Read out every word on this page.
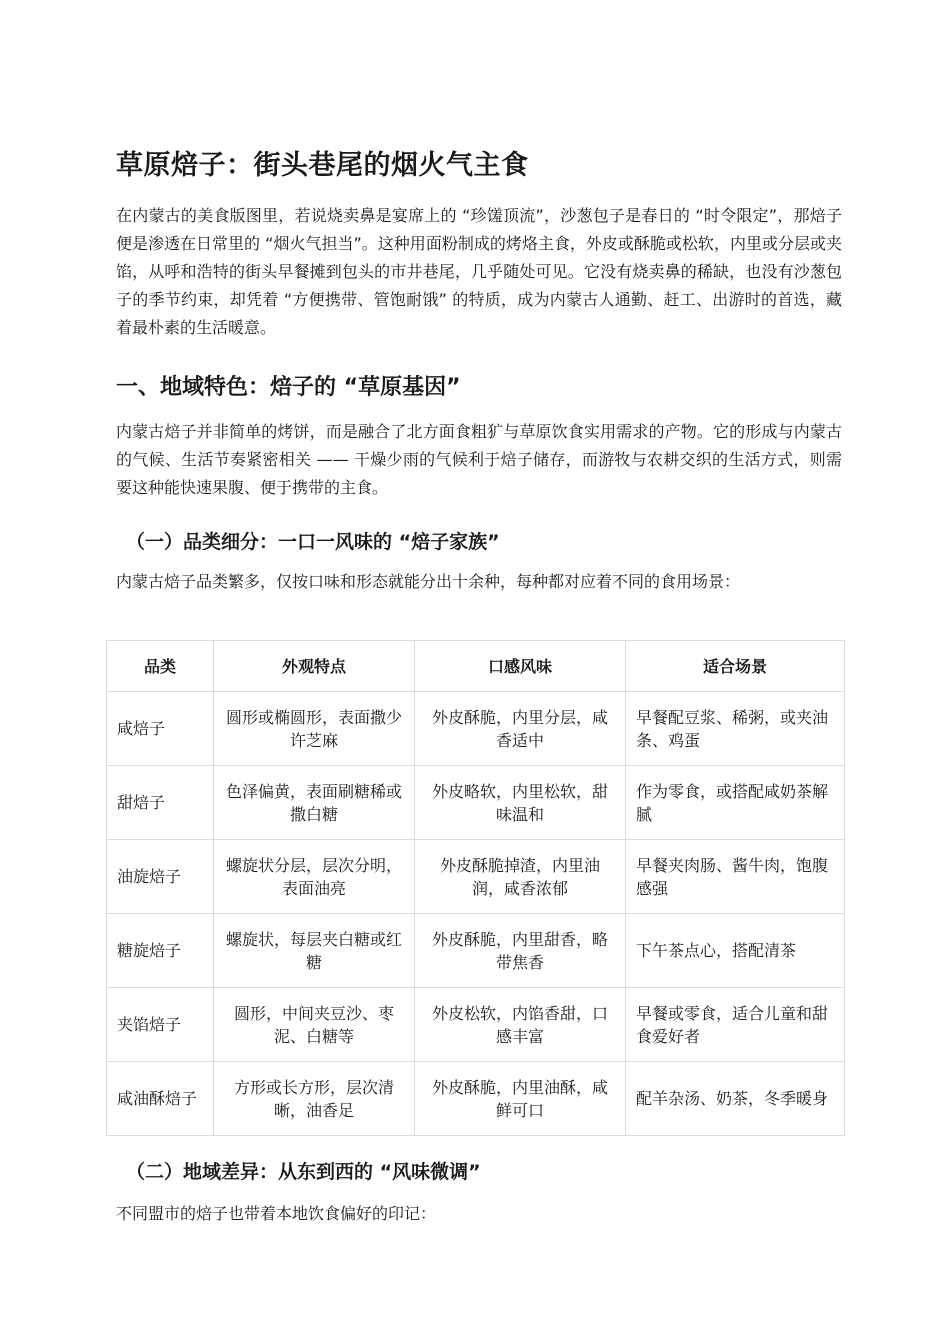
草原焙子：街头巷尾的烟火气主食

在内蒙古的美食版图里，若说烧卖鼻是宴席上的 “珍馐顶流”，沙葱包子是春日的 “时令限定”，那焙子便是渗透在日常里的 “烟火气担当”。这种用面粉制成的烤烙主食，外皮或酥脆或松软，内里或分层或夹馅，从呼和浩特的街头早餐摊到包头的市井巷尾，几乎随处可见。它没有烧卖鼻的稀缺，也没有沙葱包子的季节约束，却凭着 “方便携带、管饱耐饿” 的特质，成为内蒙古人通勤、赶工、出游时的首选，藏着最朴素的生活暖意。

一、地域特色：焙子的 “草原基因”

内蒙古焙子并非简单的烤饼，而是融合了北方面食粗犷与草原饮食实用需求的产物。它的形成与内蒙古的气候、生活节奏紧密相关 —— 干燥少雨的气候利于焙子储存，而游牧与农耕交织的生活方式，则需要这种能快速果腹、便于携带的主食。

（一）品类细分：一口一风味的 “焙子家族”

内蒙古焙子品类繁多，仅按口味和形态就能分出十余种，每种都对应着不同的食用场景：

品类	外观特点	口感风味	适合场景
咸焙子	圆形或椭圆形，表面撒少许芝麻	外皮酥脆，内里分层，咸香适中	早餐配豆浆、稀粥，或夹油条、鸡蛋
甜焙子	色泽偏黄，表面刷糖稀或撒白糖	外皮略软，内里松软，甜味温和	作为零食，或搭配咸奶茶解腻
油旋焙子	螺旋状分层，层次分明，表面油亮	外皮酥脆掉渣，内里油润，咸香浓郁	早餐夹肉肠、酱牛肉，饱腹感强
糖旋焙子	螺旋状，每层夹白糖或红糖	外皮酥脆，内里甜香，略带焦香	下午茶点心，搭配清茶
夹馅焙子	圆形，中间夹豆沙、枣泥、白糖等	外皮松软，内馅香甜，口感丰富	早餐或零食，适合儿童和甜食爱好者
咸油酥焙子	方形或长方形，层次清晰，油香足	外皮酥脆，内里油酥，咸鲜可口	配羊杂汤、奶茶，冬季暖身
（二）地域差异：从东到西的 “风味微调”

不同盟市的焙子也带着本地饮食偏好的印记：
